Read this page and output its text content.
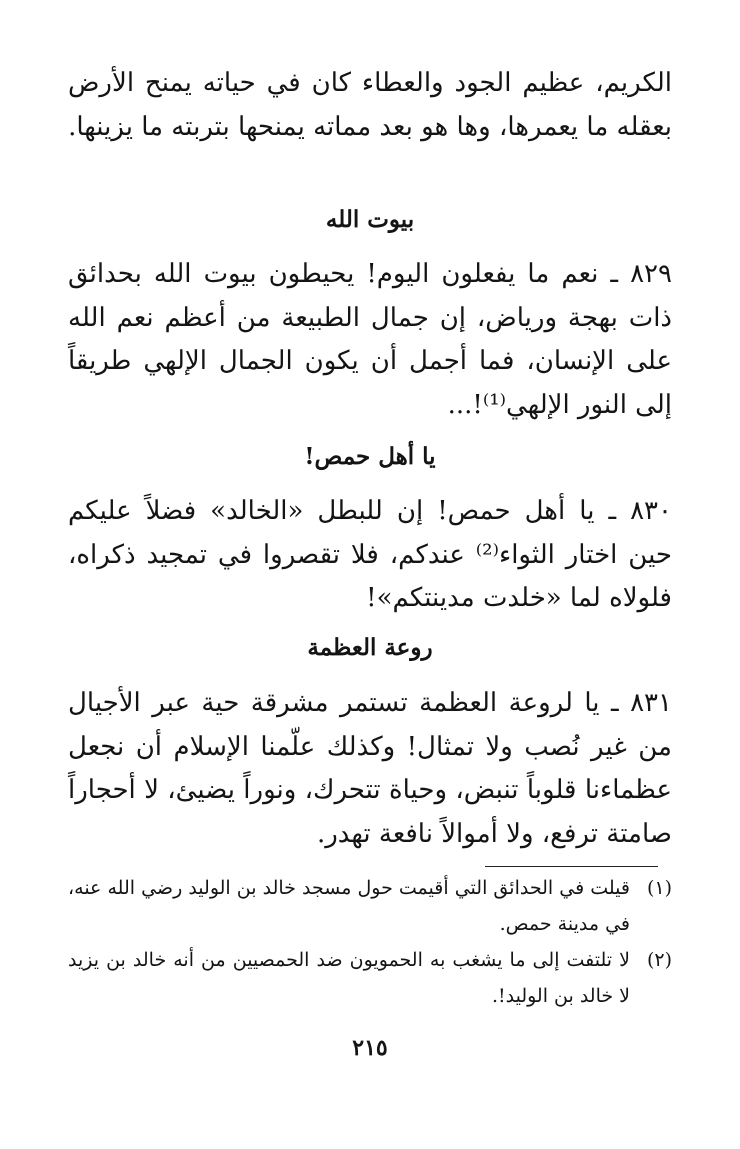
الكريم، عظيم الجود والعطاء كان في حياته يمنح الأرض بعقله ما يعمرها، وها هو بعد مماته يمنحها بتربته ما يزينها.

بيوت الله

٨٢٩ ـ نعم ما يفعلون اليوم! يحيطون بيوت الله بحدائق ذات بهجة ورياض، إن جمال الطبيعة من أعظم نعم الله على الإنسان، فما أجمل أن يكون الجمال الإلهي طريقاً إلى النور الإلهي⁽¹⁾!...

يا أهل حمص!

٨٣٠ ـ يا أهل حمص! إن للبطل «الخالد» فضلاً عليكم حين اختار الثواء⁽²⁾ عندكم، فلا تقصروا في تمجيد ذكراه، فلولاه لما «خلدت مدينتكم»!

روعة العظمة

٨٣١ ـ يا لروعة العظمة تستمر مشرقة حية عبر الأجيال من غير نُصب ولا تمثال! وكذلك علّمنا الإسلام أن نجعل عظماءنا قلوباً تنبض، وحياة تتحرك، ونوراً يضيئ، لا أحجاراً صامتة ترفع، ولا أموالاً نافعة تهدر.

(١)
قيلت في الحدائق التي أقيمت حول مسجد خالد بن الوليد رضي الله عنه، في مدينة حمص.
(٢)
لا تلتفت إلى ما يشغب به الحمويون ضد الحمصيين من أنه خالد بن يزيد لا خالد بن الوليد!.
٢١٥
